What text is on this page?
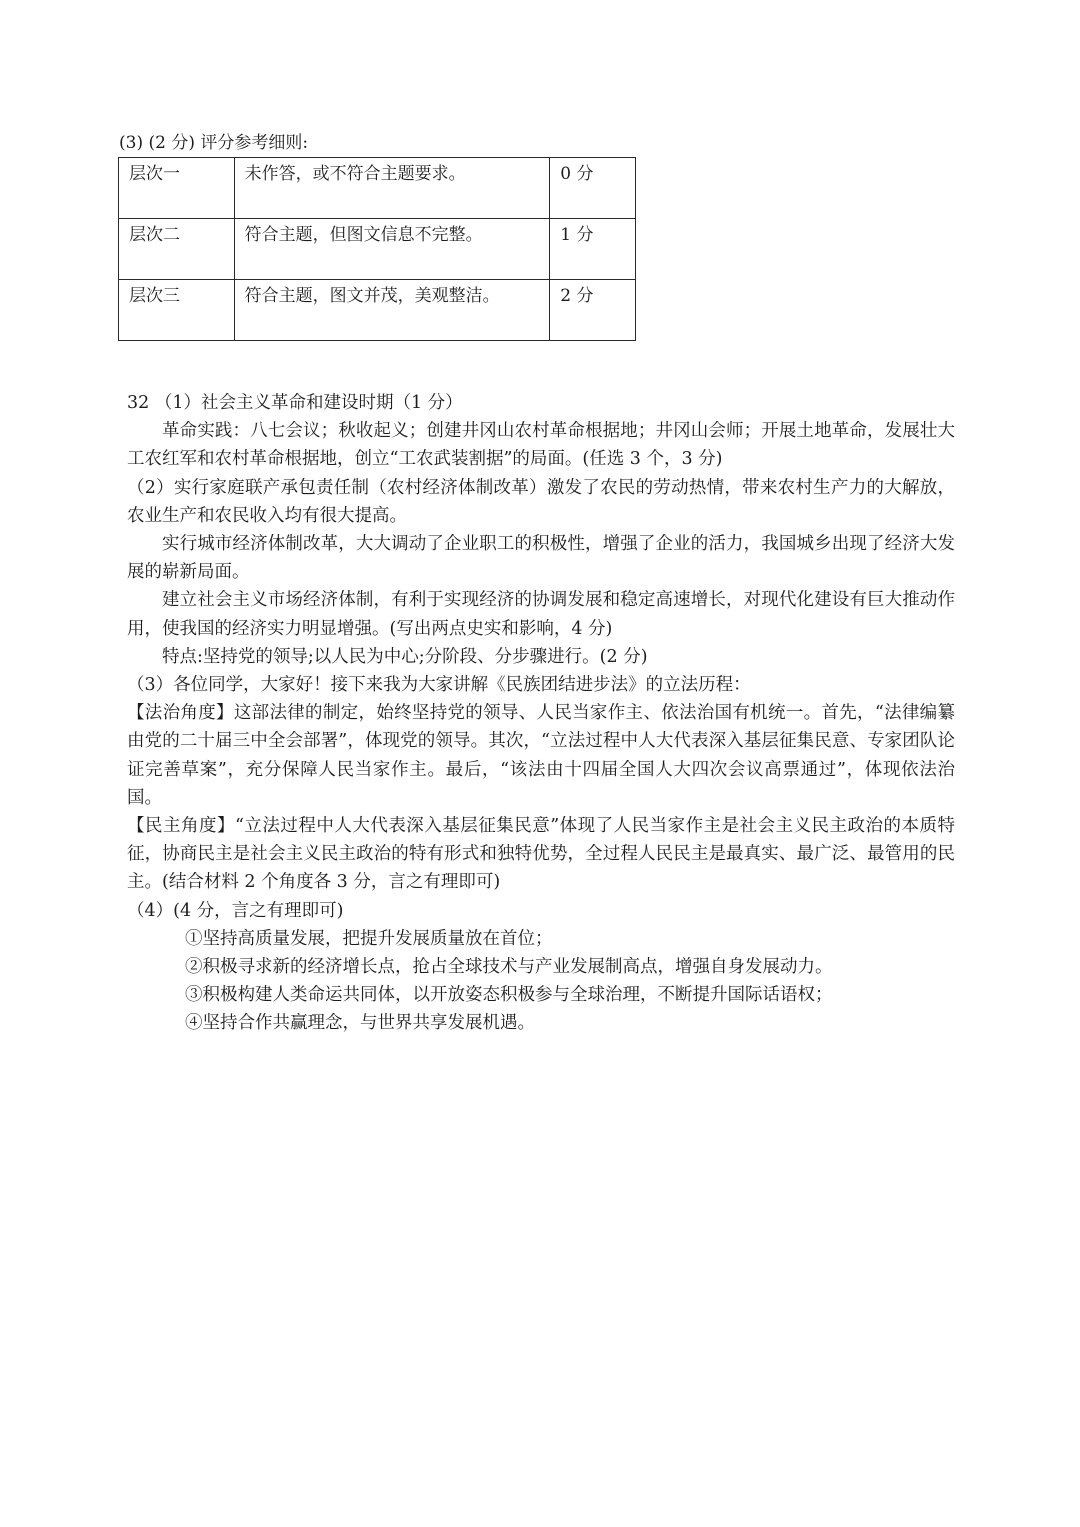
(3) (2 分) 评分参考细则:
层次一	未作答，或不符合主题要求。	0 分
层次二	符合主题，但图文信息不完整。	1 分
层次三	符合主题，图文并茂，美观整洁。	2 分

32 （1）社会主义革命和建设时期（1 分）

革命实践：八七会议；秋收起义；创建井冈山农村革命根据地；井冈山会师；开展土地革命，发展壮大工农红军和农村革命根据地，创立“工农武装割据”的局面。(任选 3 个，3 分)

（2）实行家庭联产承包责任制（农村经济体制改革）激发了农民的劳动热情，带来农村生产力的大解放，农业生产和农民收入均有很大提高。

实行城市经济体制改革，大大调动了企业职工的积极性，增强了企业的活力，我国城乡出现了经济大发展的崭新局面。

建立社会主义市场经济体制，有利于实现经济的协调发展和稳定高速增长，对现代化建设有巨大推动作用，使我国的经济实力明显增强。(写出两点史实和影响，4 分)

特点:坚持党的领导;以人民为中心;分阶段、分步骤进行。(2 分)

（3）各位同学，大家好！接下来我为大家讲解《民族团结进步法》的立法历程：

【法治角度】这部法律的制定，始终坚持党的领导、人民当家作主、依法治国有机统一。首先，“法律编纂由党的二十届三中全会部署”，体现党的领导。其次，“立法过程中人大代表深入基层征集民意、专家团队论证完善草案”，充分保障人民当家作主。最后，“该法由十四届全国人大四次会议高票通过”，体现依法治国。

【民主角度】“立法过程中人大代表深入基层征集民意”体现了人民当家作主是社会主义民主政治的本质特征，协商民主是社会主义民主政治的特有形式和独特优势，全过程人民民主是最真实、最广泛、最管用的民主。(结合材料 2 个角度各 3 分，言之有理即可)

（4）(4 分，言之有理即可)

①坚持高质量发展，把提升发展质量放在首位；

②积极寻求新的经济增长点，抢占全球技术与产业发展制高点，增强自身发展动力。

③积极构建人类命运共同体，以开放姿态积极参与全球治理，不断提升国际话语权；

④坚持合作共赢理念，与世界共享发展机遇。
